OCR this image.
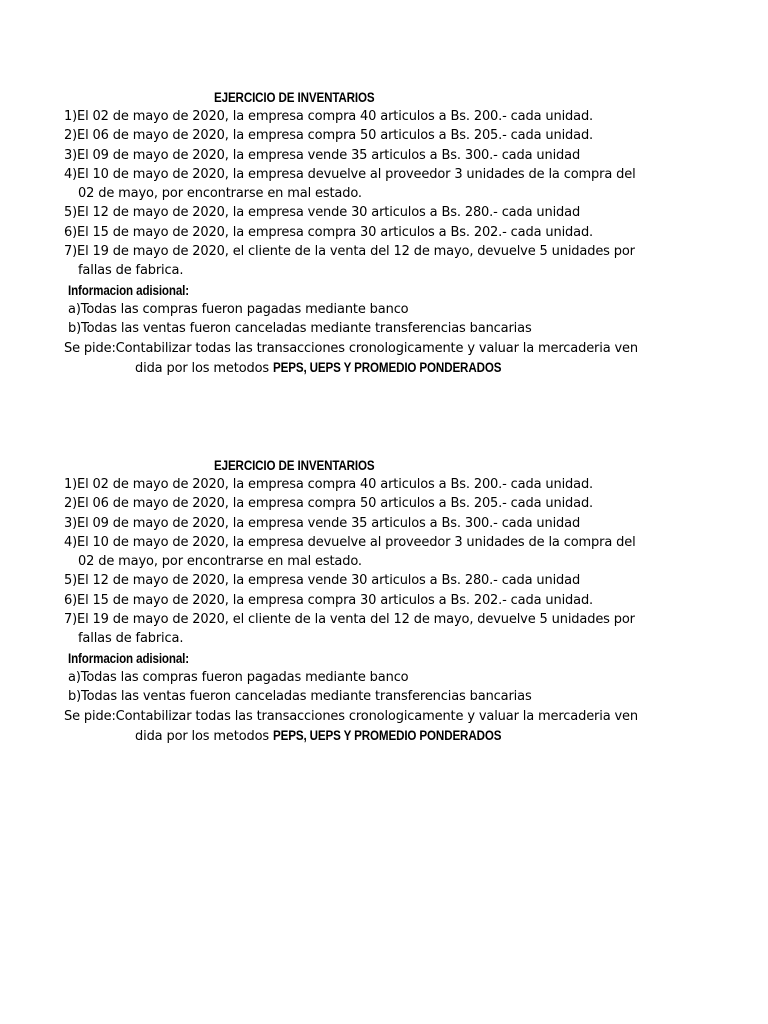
EJERCICIO DE INVENTARIOS
1)El 02 de mayo de 2020, la empresa compra 40 articulos a Bs. 200.- cada unidad.
2)El 06 de mayo de 2020, la empresa compra 50 articulos a Bs. 205.- cada unidad.
3)El 09 de mayo de 2020, la empresa vende 35 articulos a Bs. 300.- cada unidad
4)El 10 de mayo de 2020, la empresa devuelve al proveedor 3 unidades de la compra del
02 de mayo, por encontrarse en mal estado.
5)El 12 de mayo de 2020, la empresa vende 30 articulos a Bs. 280.- cada unidad
6)El 15 de mayo de 2020, la empresa compra 30 articulos a Bs. 202.- cada unidad.
7)El 19 de mayo de 2020, el cliente de la venta del 12 de mayo, devuelve 5 unidades por
fallas de fabrica.
Informacion adisional:
a)Todas las compras fueron pagadas mediante banco
b)Todas las ventas fueron canceladas mediante transferencias bancarias
Se pide:Contabilizar todas las transacciones cronologicamente y valuar la mercaderia ven
dida por los metodos PEPS, UEPS Y PROMEDIO PONDERADOS
EJERCICIO DE INVENTARIOS
1)El 02 de mayo de 2020, la empresa compra 40 articulos a Bs. 200.- cada unidad.
2)El 06 de mayo de 2020, la empresa compra 50 articulos a Bs. 205.- cada unidad.
3)El 09 de mayo de 2020, la empresa vende 35 articulos a Bs. 300.- cada unidad
4)El 10 de mayo de 2020, la empresa devuelve al proveedor 3 unidades de la compra del
02 de mayo, por encontrarse en mal estado.
5)El 12 de mayo de 2020, la empresa vende 30 articulos a Bs. 280.- cada unidad
6)El 15 de mayo de 2020, la empresa compra 30 articulos a Bs. 202.- cada unidad.
7)El 19 de mayo de 2020, el cliente de la venta del 12 de mayo, devuelve 5 unidades por
fallas de fabrica.
Informacion adisional:
a)Todas las compras fueron pagadas mediante banco
b)Todas las ventas fueron canceladas mediante transferencias bancarias
Se pide:Contabilizar todas las transacciones cronologicamente y valuar la mercaderia ven
dida por los metodos PEPS, UEPS Y PROMEDIO PONDERADOS
